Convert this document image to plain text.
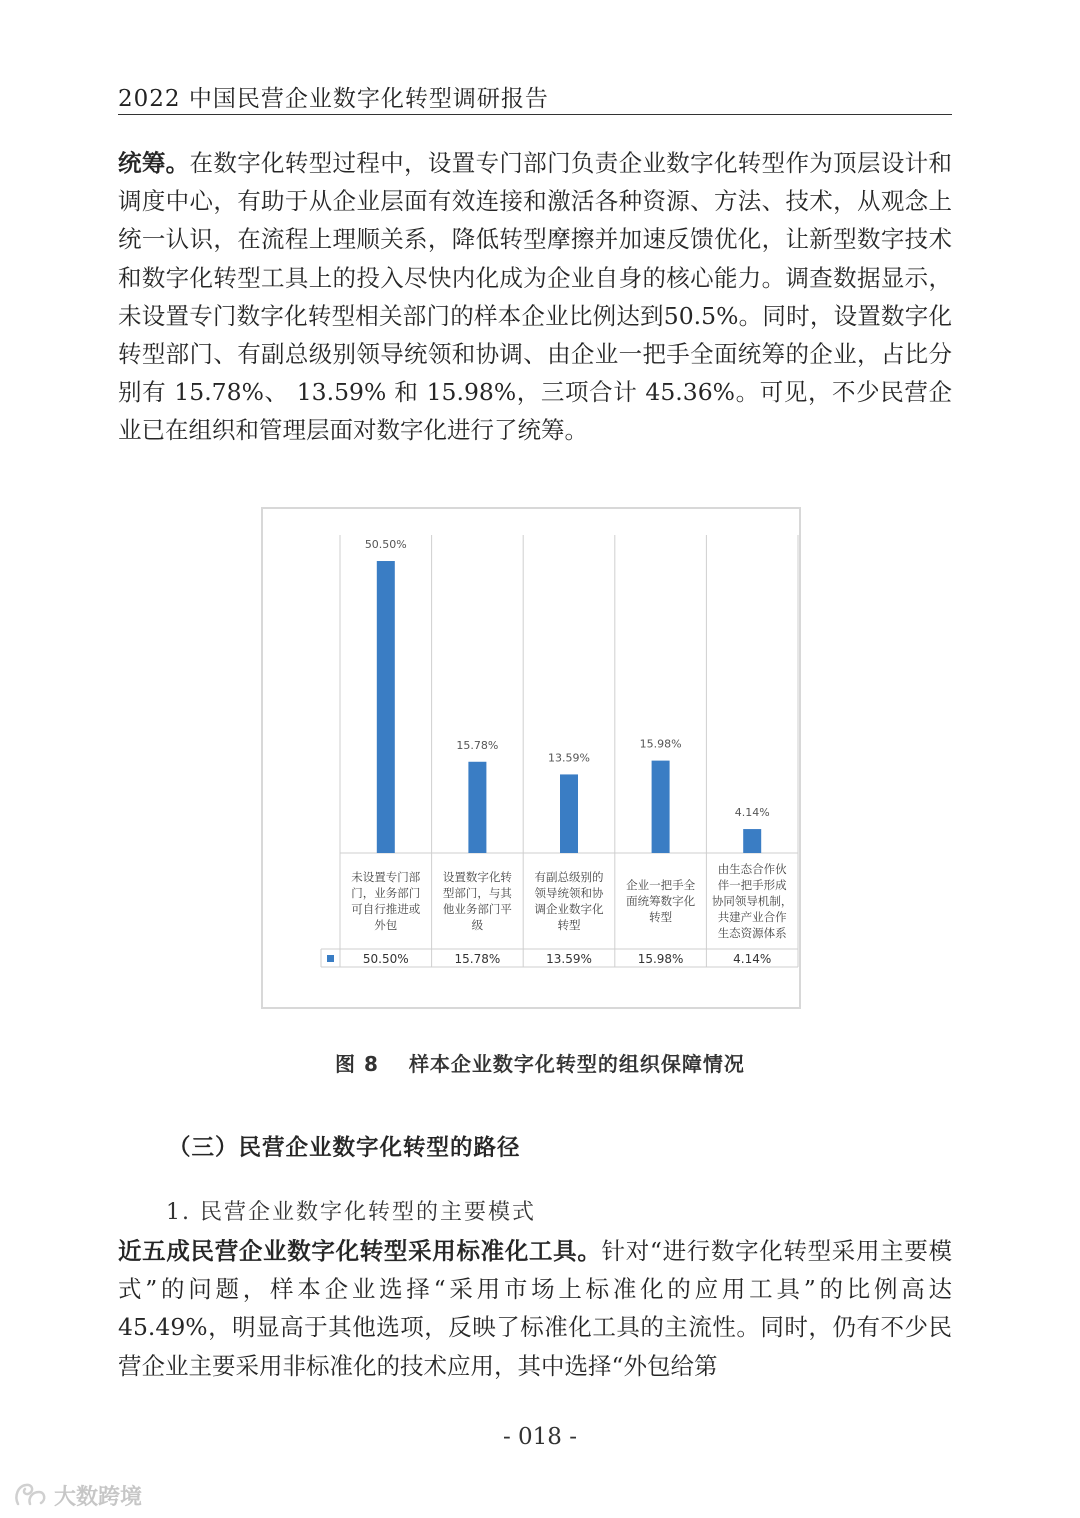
2022 中国民营企业数字化转型调研报告

统筹。在数字化转型过程中，设置专门部门负责企业数字化转型作为顶层设计和调度中心，有助于从企业层面有效连接和激活各种资源、方法、技术，从观念上统一认识，在流程上理顺关系，降低转型摩擦并加速反馈优化，让新型数字技术和数字化转型工具上的投入尽快内化成为企业自身的核心能力。调查数据显示，未设置专门数字化转型相关部门的样本企业比例达到50.5%。同时，设置数字化转型部门、有副总级别领导统领和协调、由企业一把手全面统筹的企业，占比分别有 15.78%、 13.59% 和 15.98%，三项合计 45.36%。可见，不少民营企业已在组织和管理层面对数字化进行了统筹。

50.50%
未设置专门部
门，业务部门
可自行推进或
外包
50.50%
15.78%
设置数字化转
型部门，与其
他业务部门平
级
15.78%
13.59%
有副总级别的
领导统领和协
调企业数字化
转型
13.59%
15.98%
企业一把手全
面统筹数字化
转型
15.98%
4.14%
由生态合作伙
伴一把手形成
协同领导机制，
共建产业合作
生态资源体系
4.14%
图 8 样本企业数字化转型的组织保障情况
（三）民营企业数字化转型的路径
1. 民营企业数字化转型的主要模式

近五成民营企业数字化转型采用标准化工具。针对“进行数字化转型采用主要模式”的问题，样本企业选择“采用市场上标准化的应用工具”的比例高达 45.49%，明显高于其他选项，反映了标准化工具的主流性。同时，仍有不少民营企业主要采用非标准化的技术应用，其中选择“外包给第

- 018 -
大数跨境
